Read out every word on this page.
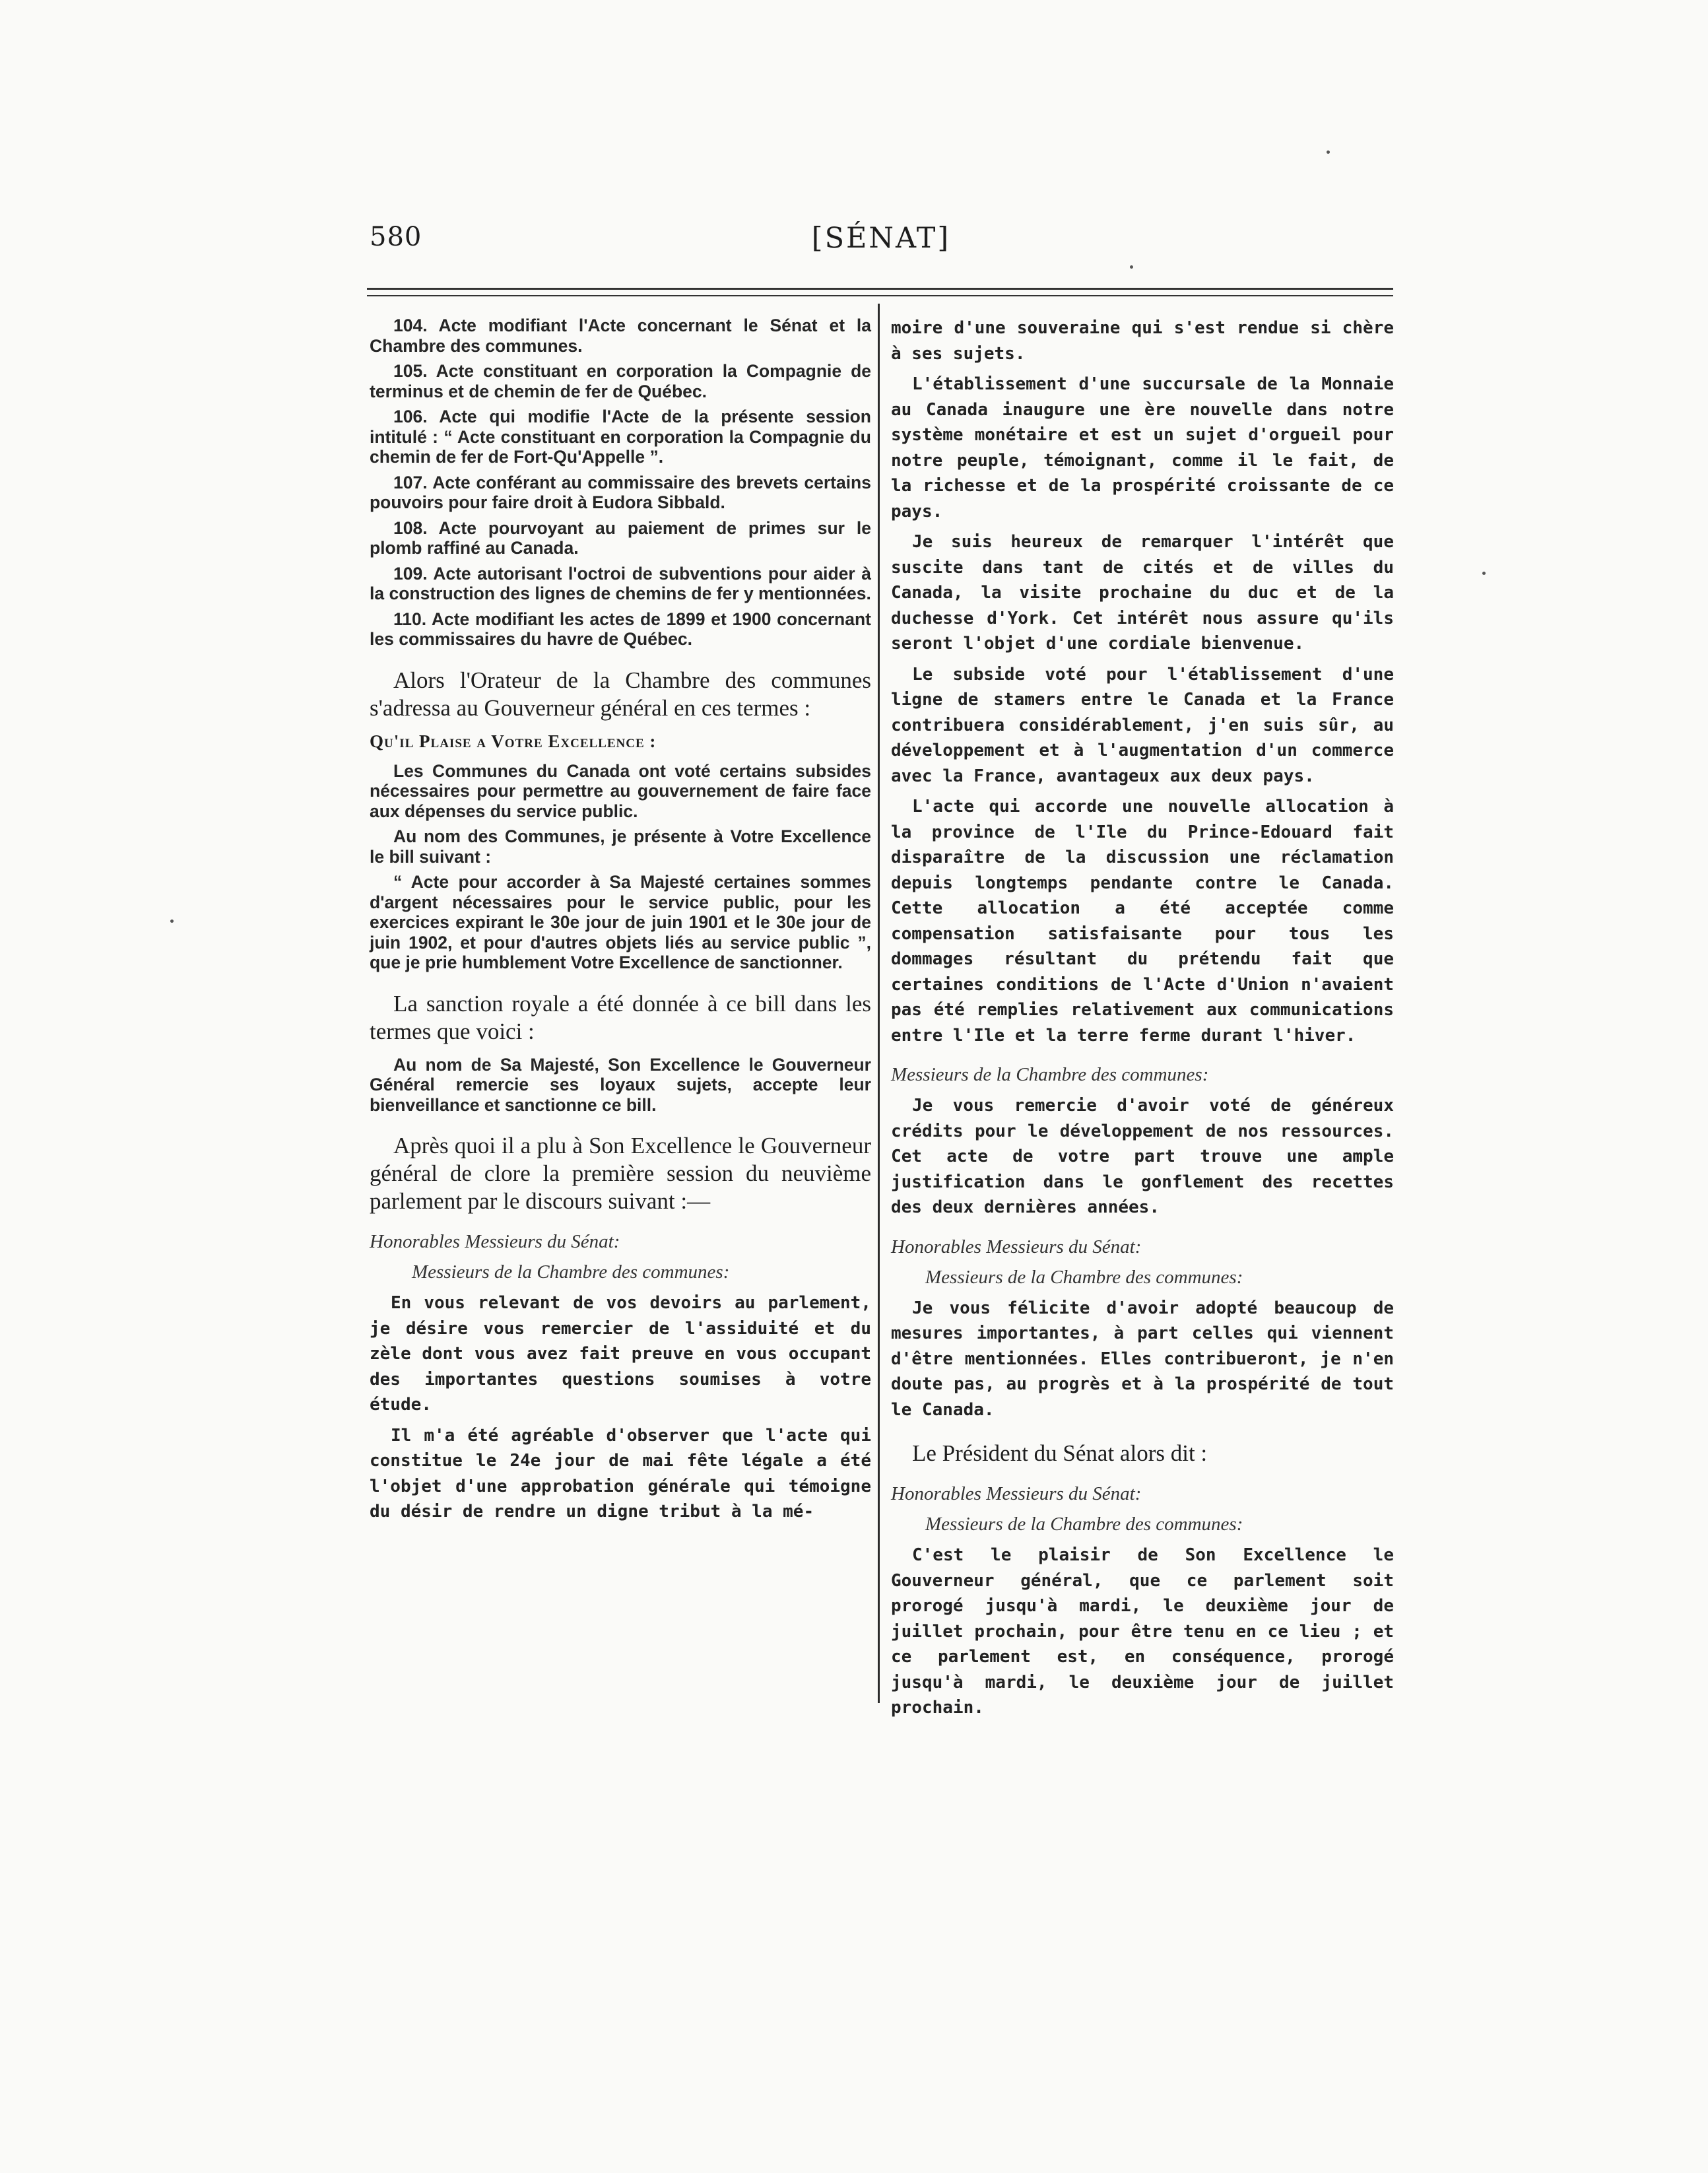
580	[SÉNAT]

104. Acte modifiant l'Acte concernant le Sénat et la Chambre des communes.

105. Acte constituant en corporation la Compagnie de terminus et de chemin de fer de Québec.

106. Acte qui modifie l'Acte de la présente session intitulé : “ Acte constituant en corporation la Compagnie du chemin de fer de Fort-Qu'Appelle ”.

107. Acte conférant au commissaire des brevets certains pouvoirs pour faire droit à Eudora Sibbald.

108. Acte pourvoyant au paiement de primes sur le plomb raffiné au Canada.

109. Acte autorisant l'octroi de subventions pour aider à la construction des lignes de chemins de fer y mentionnées.

110. Acte modifiant les actes de 1899 et 1900 concernant les commissaires du havre de Québec.

Alors l'Orateur de la Chambre des communes s'adressa au Gouverneur général en ces termes :

Qu'il Plaise a Votre Excellence :

Les Communes du Canada ont voté certains subsides nécessaires pour permettre au gouvernement de faire face aux dépenses du service public.

Au nom des Communes, je présente à Votre Excellence le bill suivant :

“ Acte pour accorder à Sa Majesté certaines sommes d'argent nécessaires pour le service public, pour les exercices expirant le 30e jour de juin 1901 et le 30e jour de juin 1902, et pour d'autres objets liés au service public ”, que je prie humblement Votre Excellence de sanctionner.

La sanction royale a été donnée à ce bill dans les termes que voici :

Au nom de Sa Majesté, Son Excellence le Gouverneur Général remercie ses loyaux sujets, accepte leur bienveillance et sanctionne ce bill.

Après quoi il a plu à Son Excellence le Gouverneur général de clore la première session du neuvième parlement par le discours suivant :—

Honorables Messieurs du Sénat:

Messieurs de la Chambre des communes:

En vous relevant de vos devoirs au parlement, je désire vous remercier de l'assiduité et du zèle dont vous avez fait preuve en vous occupant des importantes questions soumises à votre étude.

Il m'a été agréable d'observer que l'acte qui constitue le 24e jour de mai fête légale a été l'objet d'une approbation générale qui témoigne du désir de rendre un digne tribut à la mé-

moire d'une souveraine qui s'est rendue si chère à ses sujets.

L'établissement d'une succursale de la Monnaie au Canada inaugure une ère nouvelle dans notre système monétaire et est un sujet d'orgueil pour notre peuple, témoignant, comme il le fait, de la richesse et de la prospérité croissante de ce pays.

Je suis heureux de remarquer l'intérêt que suscite dans tant de cités et de villes du Canada, la visite prochaine du duc et de la duchesse d'York. Cet intérêt nous assure qu'ils seront l'objet d'une cordiale bienvenue.

Le subside voté pour l'établissement d'une ligne de stamers entre le Canada et la France contribuera considérablement, j'en suis sûr, au développement et à l'augmentation d'un commerce avec la France, avantageux aux deux pays.

L'acte qui accorde une nouvelle allocation à la province de l'Ile du Prince-Edouard fait disparaître de la discussion une réclamation depuis longtemps pendante contre le Canada. Cette allocation a été acceptée comme compensation satisfaisante pour tous les dommages résultant du prétendu fait que certaines conditions de l'Acte d'Union n'avaient pas été remplies relativement aux communications entre l'Ile et la terre ferme durant l'hiver.

Messieurs de la Chambre des communes:

Je vous remercie d'avoir voté de généreux crédits pour le développement de nos ressources. Cet acte de votre part trouve une ample justification dans le gonflement des recettes des deux dernières années.

Honorables Messieurs du Sénat:

Messieurs de la Chambre des communes:

Je vous félicite d'avoir adopté beaucoup de mesures importantes, à part celles qui viennent d'être mentionnées. Elles contribueront, je n'en doute pas, au progrès et à la prospérité de tout le Canada.

Le Président du Sénat alors dit :

Honorables Messieurs du Sénat:

Messieurs de la Chambre des communes:

C'est le plaisir de Son Excellence le Gouverneur général, que ce parlement soit prorogé jusqu'à mardi, le deuxième jour de juillet prochain, pour être tenu en ce lieu ; et ce parlement est, en conséquence, prorogé jusqu'à mardi, le deuxième jour de juillet prochain.
